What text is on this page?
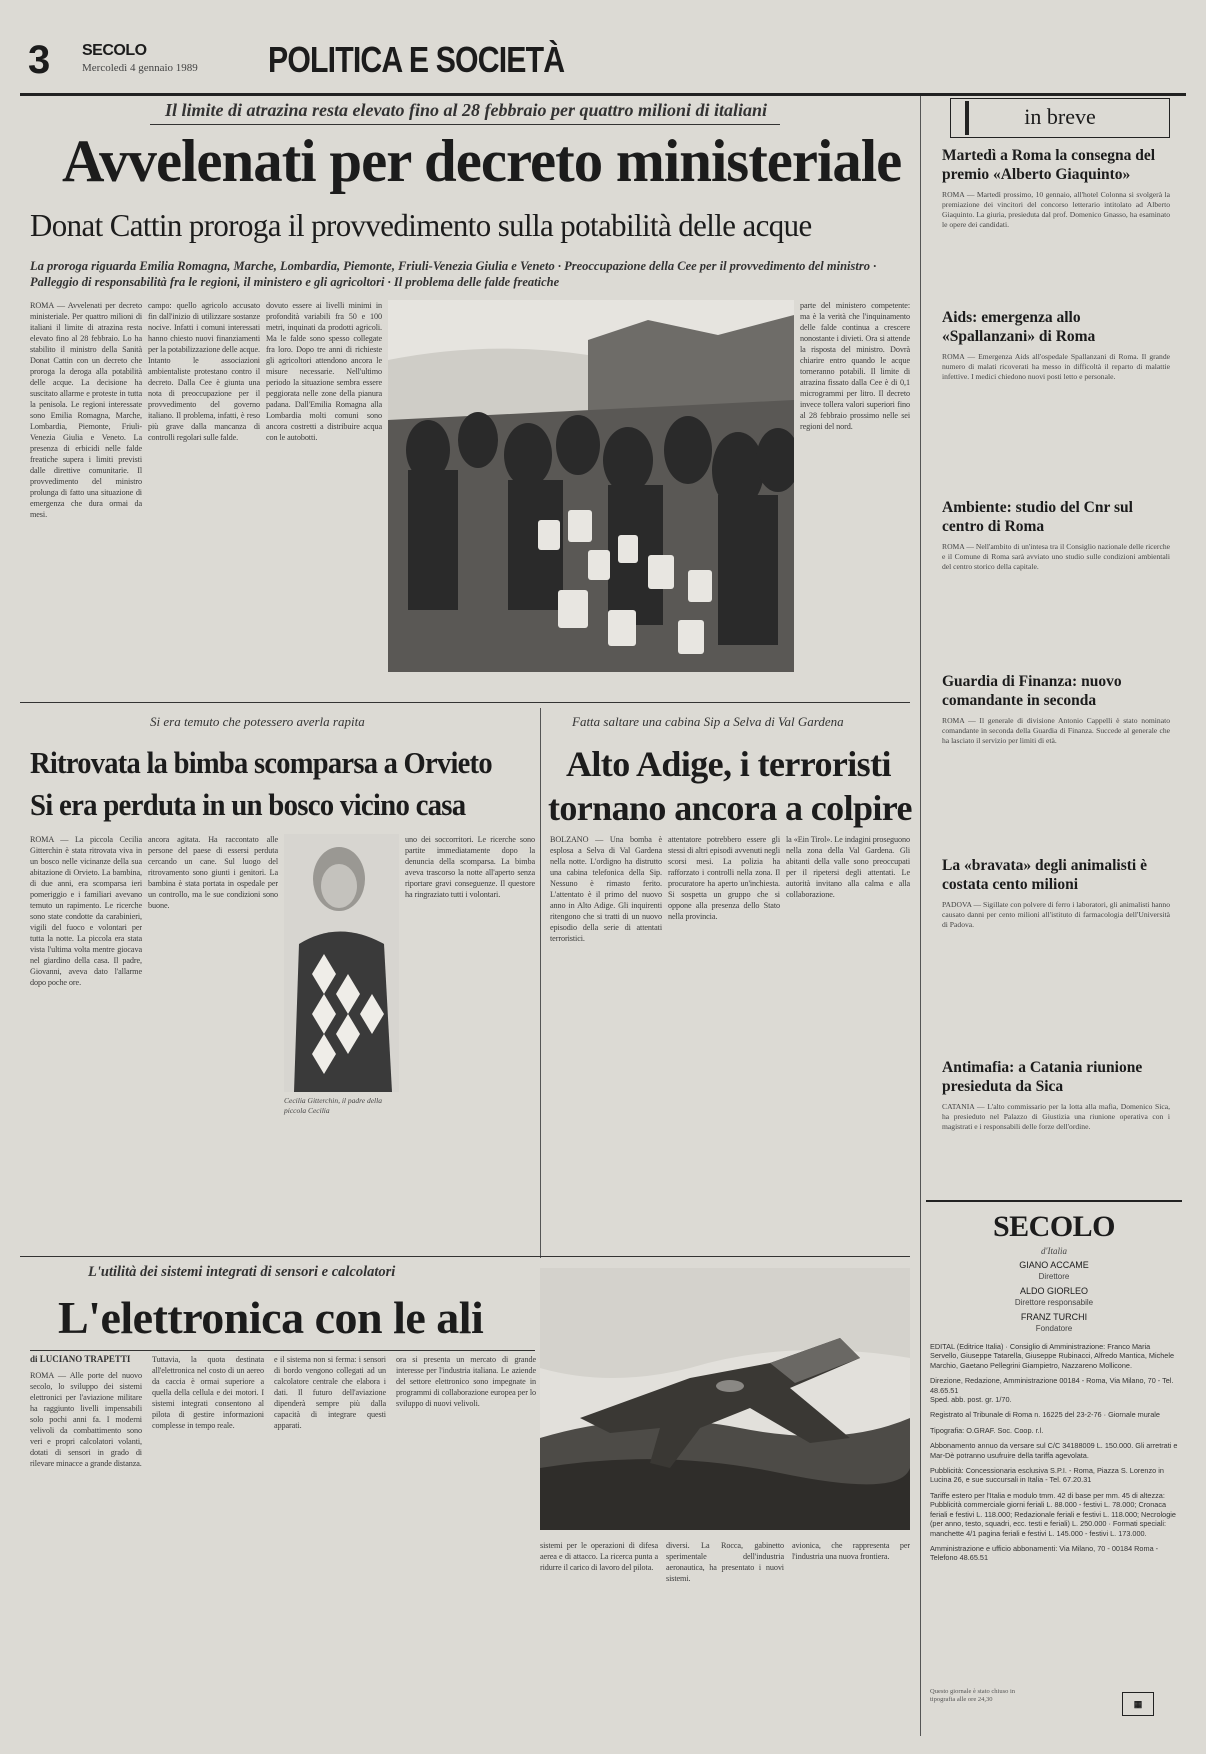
3 SECOLO
Mercoledì 4 gennaio 1989 POLITICA E SOCIETÀ
Il limite di atrazina resta elevato fino al 28 febbraio per quattro milioni di italiani
Avvelenati per decreto ministeriale
Donat Cattin proroga il provvedimento sulla potabilità delle acque
La proroga riguarda Emilia Romagna, Marche, Lombardia, Piemonte, Friuli-Venezia Giulia e Veneto · Preoccupazione della Cee per il provvedimento del ministro · Palleggio di responsabilità fra le regioni, il ministero e gli agricoltori · Il problema delle falde freatiche
ROMA — Avvelenati per decreto ministeriale. Per quattro milioni di italiani il limite di atrazina resta elevato fino al 28 febbraio. Lo ha stabilito il ministro della Sanità Donat Cattin con un decreto che proroga la deroga alla potabilità delle acque. La decisione ha suscitato allarme e proteste in tutta la penisola. Le regioni interessate sono Emilia Romagna, Marche, Lombardia, Piemonte, Friuli-Venezia Giulia e Veneto. La presenza di erbicidi nelle falde freatiche supera i limiti previsti dalle direttive comunitarie. Il provvedimento del ministro prolunga di fatto una situazione di emergenza che dura ormai da mesi.
campo: quello agricolo accusato fin dall'inizio di utilizzare sostanze nocive. Infatti i comuni interessati hanno chiesto nuovi finanziamenti per la potabilizzazione delle acque. Intanto le associazioni ambientaliste protestano contro il decreto. Dalla Cee è giunta una nota di preoccupazione per il provvedimento del governo italiano. Il problema, infatti, è reso più grave dalla mancanza di controlli regolari sulle falde.
dovuto essere ai livelli minimi in profondità variabili fra 50 e 100 metri, inquinati da prodotti agricoli. Ma le falde sono spesso collegate fra loro. Dopo tre anni di richieste gli agricoltori attendono ancora le misure necessarie. Nell'ultimo periodo la situazione sembra essere peggiorata nelle zone della pianura padana. Dall'Emilia Romagna alla Lombardia molti comuni sono ancora costretti a distribuire acqua con le autobotti.
parte del ministero competente: ma è la verità che l'inquinamento delle falde continua a crescere nonostante i divieti. Ora si attende la risposta del ministro. Dovrà chiarire entro quando le acque torneranno potabili. Il limite di atrazina fissato dalla Cee è di 0,1 microgrammi per litro. Il decreto invece tollera valori superiori fino al 28 febbraio prossimo nelle sei regioni del nord.
Si era temuto che potessero averla rapita
Ritrovata la bimba scomparsa a Orvieto
Si era perduta in un bosco vicino casa
ROMA — La piccola Cecilia Gitterchin è stata ritrovata viva in un bosco nelle vicinanze della sua abitazione di Orvieto. La bambina, di due anni, era scomparsa ieri pomeriggio e i familiari avevano temuto un rapimento. Le ricerche sono state condotte da carabinieri, vigili del fuoco e volontari per tutta la notte. La piccola era stata vista l'ultima volta mentre giocava nel giardino della casa. Il padre, Giovanni, aveva dato l'allarme dopo poche ore.
Cecilia Gitterchin, il padre della piccola Cecilia
ancora agitata. Ha raccontato alle persone del paese di essersi perduta cercando un cane. Sul luogo del ritrovamento sono giunti i genitori. La bambina è stata portata in ospedale per un controllo, ma le sue condizioni sono buone.
uno dei soccorritori. Le ricerche sono partite immediatamente dopo la denuncia della scomparsa. La bimba aveva trascorso la notte all'aperto senza riportare gravi conseguenze. Il questore ha ringraziato tutti i volontari.
Fatta saltare una cabina Sip a Selva di Val Gardena
Alto Adige, i terroristi
tornano ancora a colpire
BOLZANO — Una bomba è esplosa a Selva di Val Gardena nella notte. L'ordigno ha distrutto una cabina telefonica della Sip. Nessuno è rimasto ferito. L'attentato è il primo del nuovo anno in Alto Adige. Gli inquirenti ritengono che si tratti di un nuovo episodio della serie di attentati terroristici.
attentatore potrebbero essere gli stessi di altri episodi avvenuti negli scorsi mesi. La polizia ha rafforzato i controlli nella zona. Il procuratore ha aperto un'inchiesta. Si sospetta un gruppo che si oppone alla presenza dello Stato nella provincia.
la «Ein Tirol». Le indagini proseguono nella zona della Val Gardena. Gli abitanti della valle sono preoccupati per il ripetersi degli attentati. Le autorità invitano alla calma e alla collaborazione.
L'utilità dei sistemi integrati di sensori e calcolatori
L'elettronica con le ali
di LUCIANO TRAPETTI
ROMA — Alle porte del nuovo secolo, lo sviluppo dei sistemi elettronici per l'aviazione militare ha raggiunto livelli impensabili solo pochi anni fa. I moderni velivoli da combattimento sono veri e propri calcolatori volanti, dotati di sensori in grado di rilevare minacce a grande distanza.
Tuttavia, la quota destinata all'elettronica nel costo di un aereo da caccia è ormai superiore a quella della cellula e dei motori. I sistemi integrati consentono al pilota di gestire informazioni complesse in tempo reale.
e il sistema non si ferma: i sensori di bordo vengono collegati ad un calcolatore centrale che elabora i dati. Il futuro dell'aviazione dipenderà sempre più dalla capacità di integrare questi apparati.
ora si presenta un mercato di grande interesse per l'industria italiana. Le aziende del settore elettronico sono impegnate in programmi di collaborazione europea per lo sviluppo di nuovi velivoli.
sistemi per le operazioni di difesa aerea e di attacco. La ricerca punta a ridurre il carico di lavoro del pilota.
diversi. La Rocca, gabinetto sperimentale dell'industria aeronautica, ha presentato i nuovi sistemi.
avionica, che rappresenta per l'industria una nuova frontiera.
in breve
Martedì a Roma la consegna del premio «Alberto Giaquinto»
ROMA — Martedì prossimo, 10 gennaio, all'hotel Colonna si svolgerà la premiazione dei vincitori del concorso letterario intitolato ad Alberto Giaquinto. La giuria, presieduta dal prof. Domenico Gnasso, ha esaminato le opere dei candidati.
Aids: emergenza allo «Spallanzani» di Roma
ROMA — Emergenza Aids all'ospedale Spallanzani di Roma. Il grande numero di malati ricoverati ha messo in difficoltà il reparto di malattie infettive. I medici chiedono nuovi posti letto e personale.
Ambiente: studio del Cnr sul centro di Roma
ROMA — Nell'ambito di un'intesa tra il Consiglio nazionale delle ricerche e il Comune di Roma sarà avviato uno studio sulle condizioni ambientali del centro storico della capitale.
Guardia di Finanza: nuovo comandante in seconda
ROMA — Il generale di divisione Antonio Cappelli è stato nominato comandante in seconda della Guardia di Finanza. Succede al generale che ha lasciato il servizio per limiti di età.
La «bravata» degli animalisti è costata cento milioni
PADOVA — Sigillate con polvere di ferro i laboratori, gli animalisti hanno causato danni per cento milioni all'istituto di farmacologia dell'Università di Padova.
Antimafia: a Catania riunione presieduta da Sica
CATANIA — L'alto commissario per la lotta alla mafia, Domenico Sica, ha presieduto nel Palazzo di Giustizia una riunione operativa con i magistrati e i responsabili delle forze dell'ordine.
SECOLO
d'Italia
GIANO ACCAME
Direttore
ALDO GIORLEO
Direttore responsabile
FRANZ TURCHI
Fondatore
EDITAL (Editrice Italia) · Consiglio di Amministrazione: Franco Maria Servello, Giuseppe Tatarella, Giuseppe Rubinacci, Alfredo Mantica, Michele Marchio, Gaetano Pellegrini Giampietro, Nazzareno Mollicone.
Direzione, Redazione, Amministrazione 00184 - Roma, Via Milano, 70 - Tel. 48.65.51
Sped. abb. post. gr. 1/70.
Registrato al Tribunale di Roma n. 16225 del 23-2-76 · Giornale murale
Tipografia: O.GRAF. Soc. Coop. r.l.
Abbonamento annuo da versare sul C/C 34188009 L. 150.000. Gli arretrati e Mar-Dè potranno usufruire della tariffa agevolata.
Pubblicità: Concessionaria esclusiva S.P.I. - Roma, Piazza S. Lorenzo in Lucina 26, e sue succursali in Italia - Tel. 67.20.31
Tariffe estero per l'Italia e modulo tmm. 42 di base per mm. 45 di altezza: Pubblicità commerciale giorni feriali L. 88.000 - festivi L. 78.000; Cronaca feriali e festivi L. 118.000; Redazionale feriali e festivi L. 118.000; Necrologie (per anno, testo, squadri, ecc. testi e feriali) L. 250.000 · Formati speciali: manchette 4/1 pagina feriali e festivi L. 145.000 - festivi L. 173.000.
Amministrazione e ufficio abbonamenti: Via Milano, 70 - 00184 Roma - Telefono 48.65.51
Questo giornale è stato chiuso in tipografia alle ore 24,30	▦
